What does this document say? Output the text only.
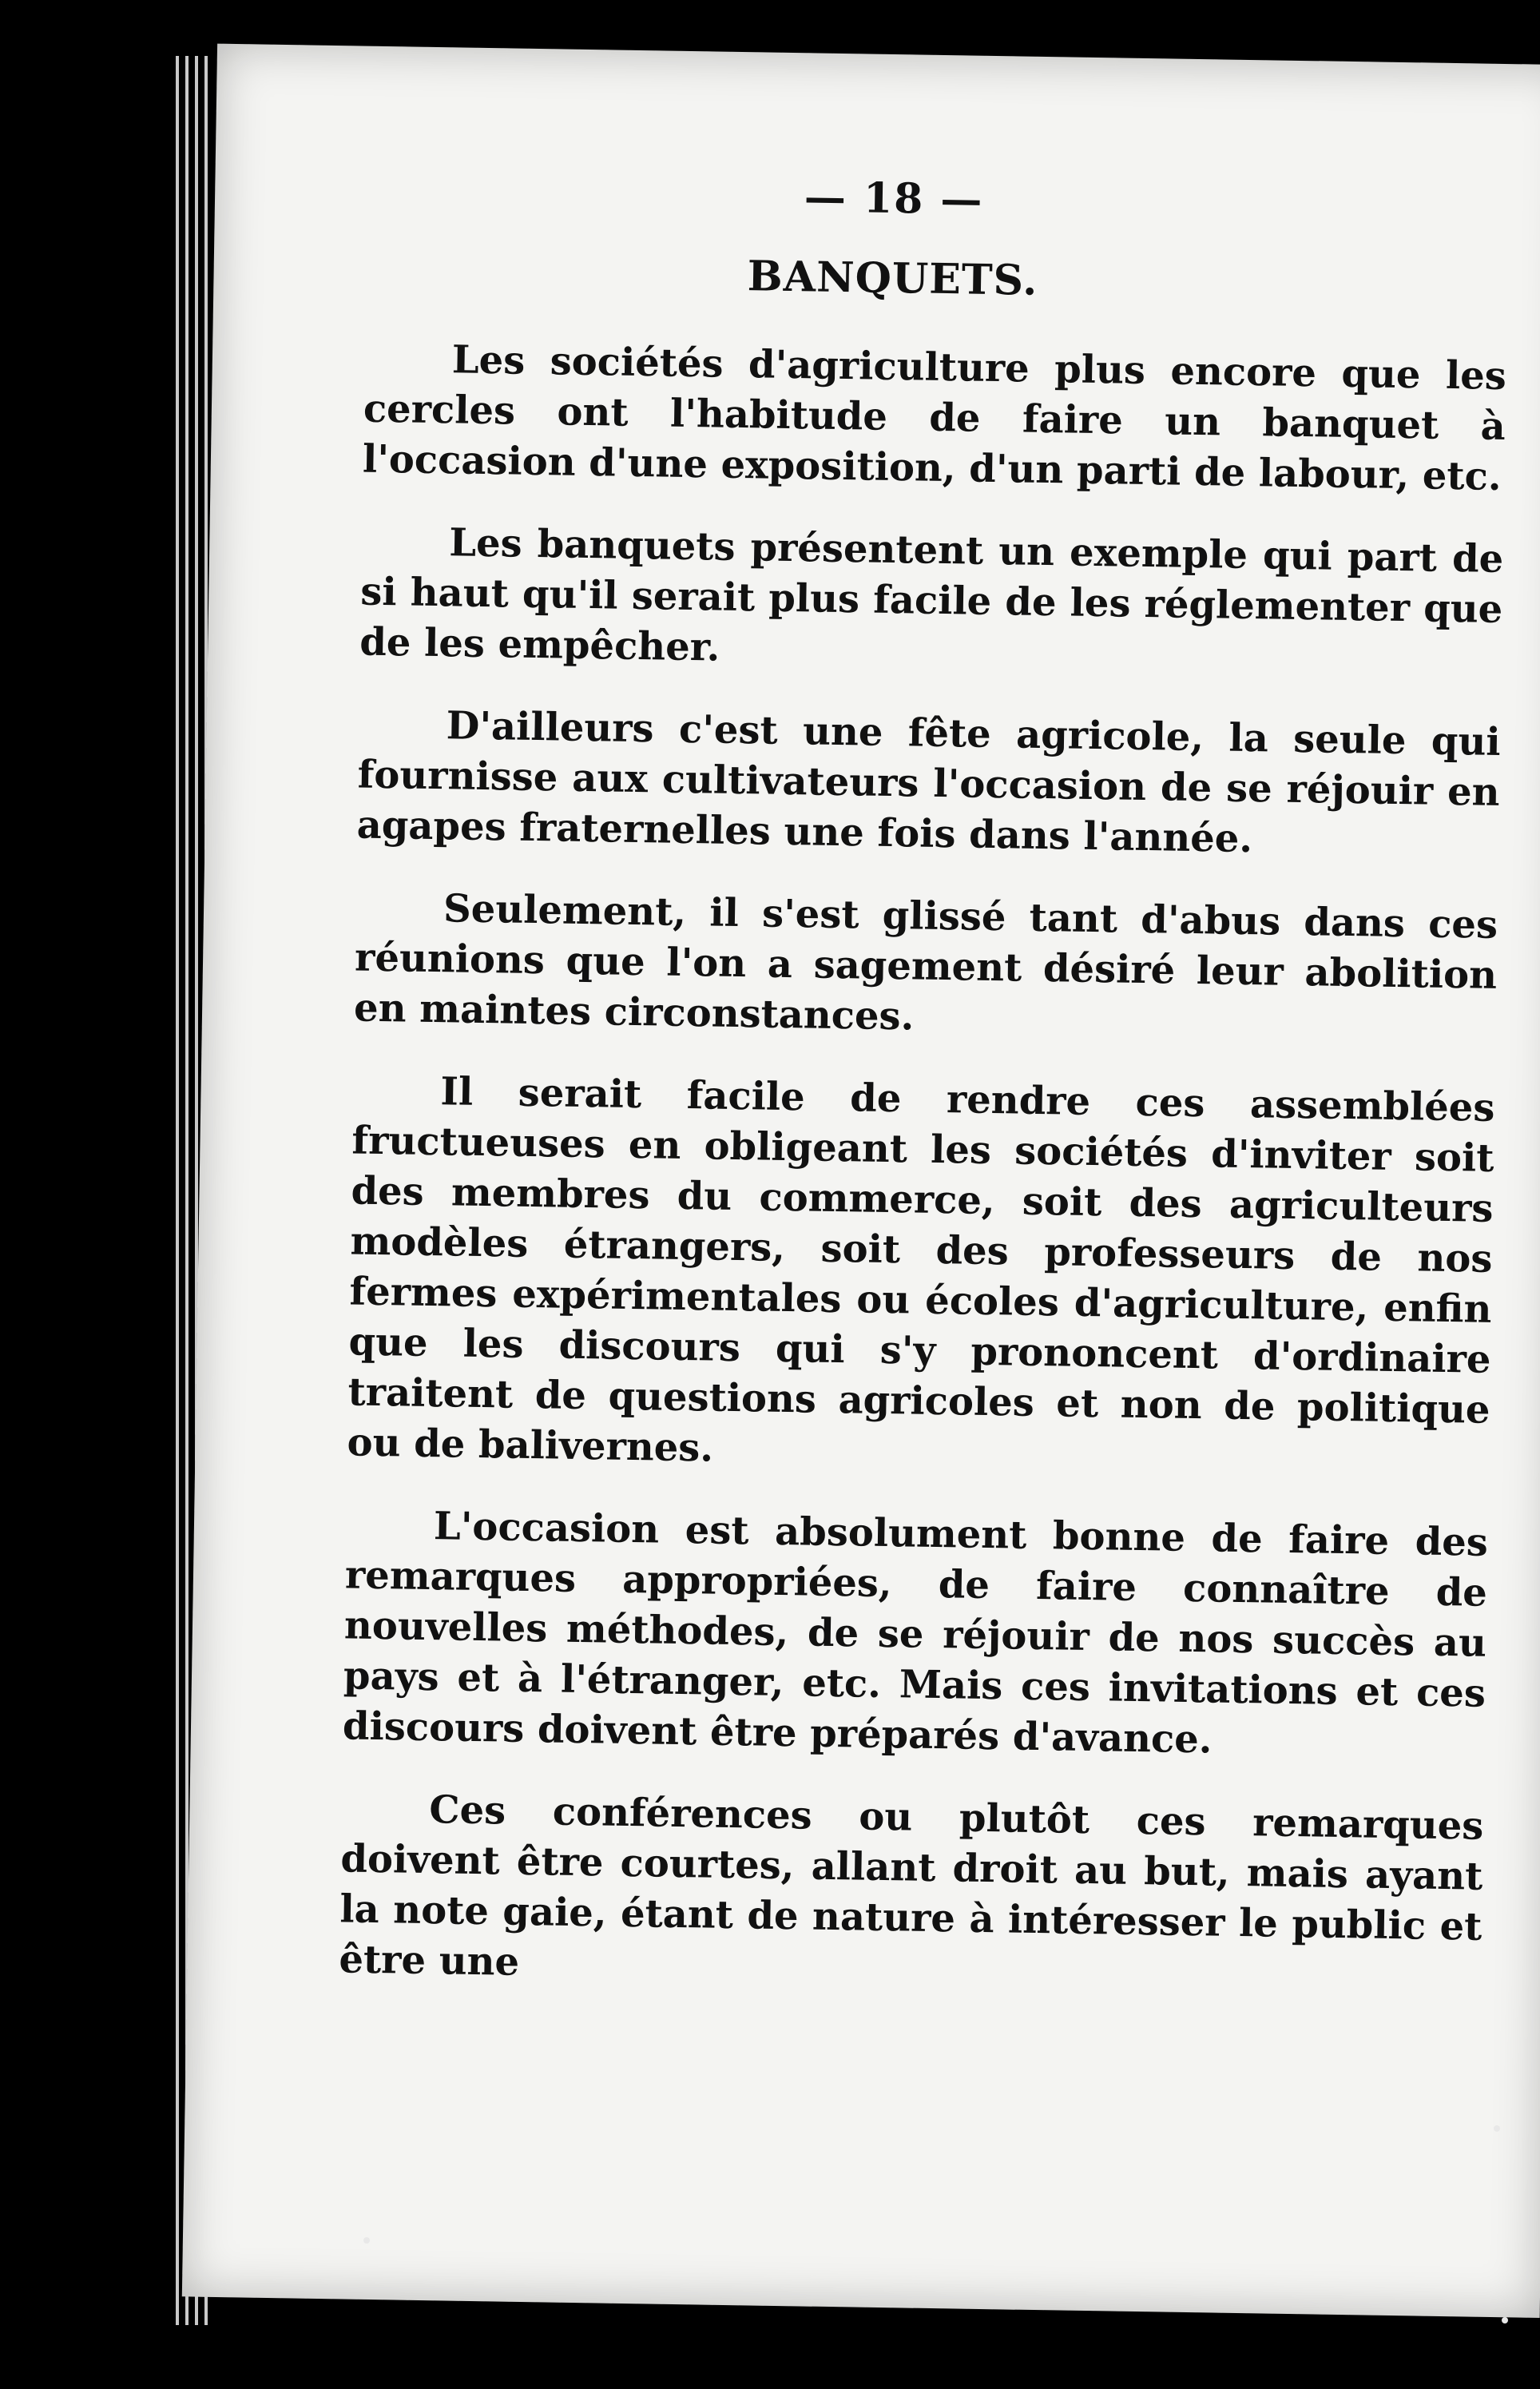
— 18 —
BANQUETS.

Les sociétés d'agriculture plus encore que les cercles ont l'habitude de faire un banquet à l'occasion d'une exposition, d'un parti de labour, etc.

Les banquets présentent un exemple qui part de si haut qu'il serait plus facile de les réglementer que de les empêcher.

D'ailleurs c'est une fête agricole, la seule qui fournisse aux cultivateurs l'occasion de se réjouir en agapes fraternelles une fois dans l'année.

Seulement, il s'est glissé tant d'abus dans ces réunions que l'on a sagement désiré leur abolition en maintes circonstances.

Il serait facile de rendre ces assemblées fructueuses en obligeant les sociétés d'inviter soit des membres du commerce, soit des agriculteurs modèles étrangers, soit des professeurs de nos fermes expérimentales ou écoles d'agriculture, enfin que les discours qui s'y prononcent d'ordinaire traitent de questions agricoles et non de politique ou de balivernes.

L'occasion est absolument bonne de faire des remarques appropriées, de faire connaître de nouvelles méthodes, de se réjouir de nos succès au pays et à l'étranger, etc. Mais ces invitations et ces discours doivent être préparés d'avance.

Ces conférences ou plutôt ces remarques doivent être courtes, allant droit au but, mais ayant la note gaie, étant de nature à intéresser le public et être une
